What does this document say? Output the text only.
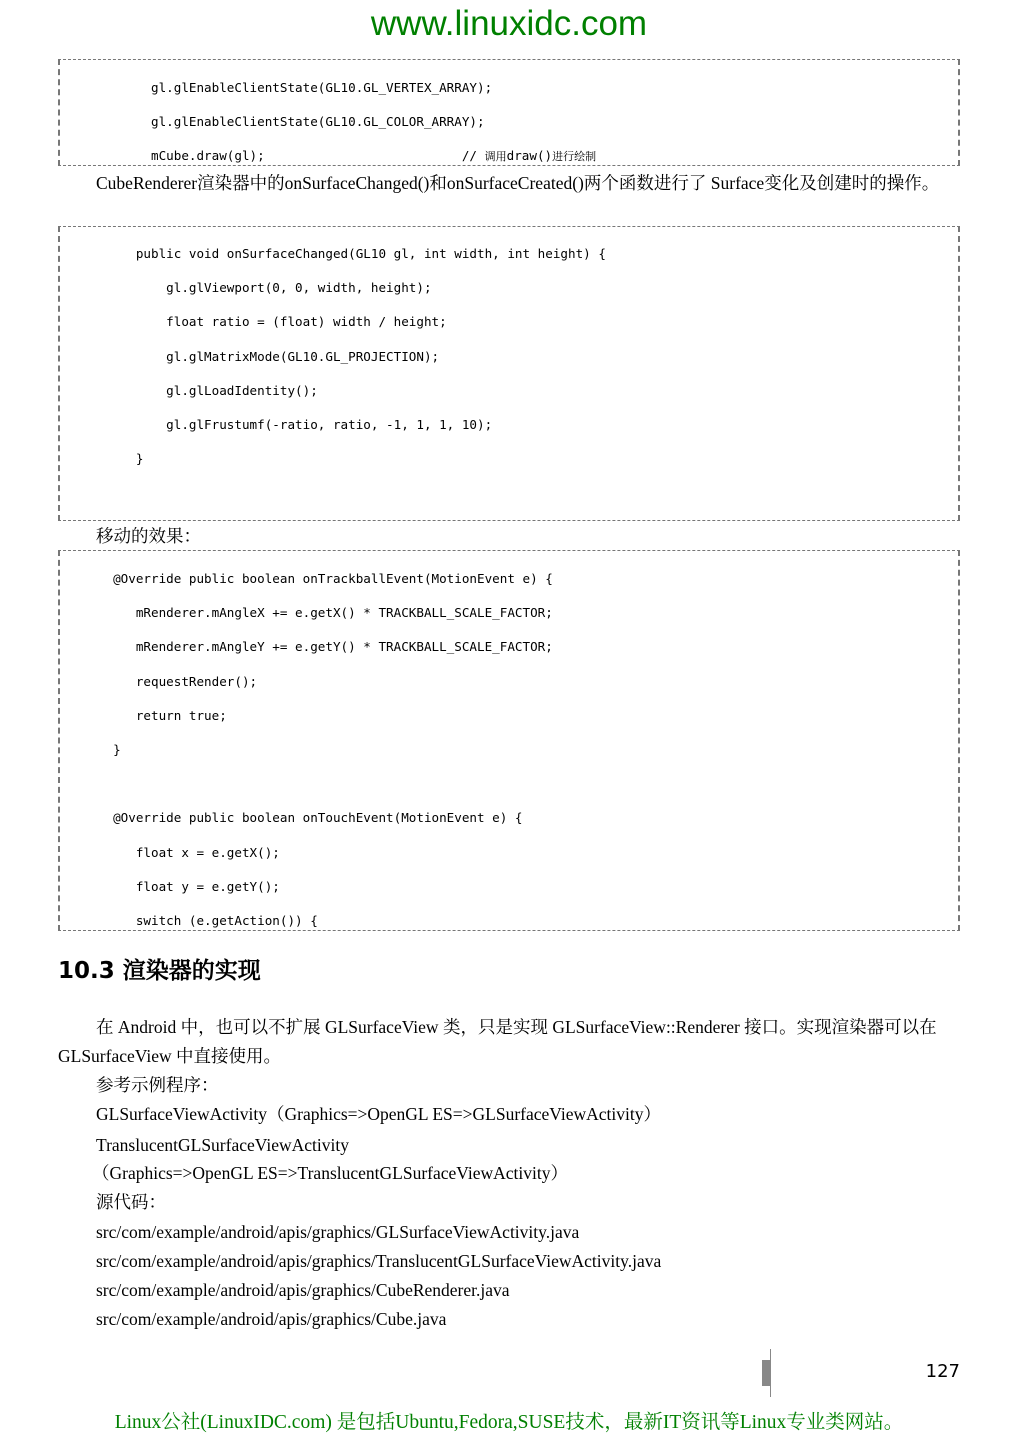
www.linuxidc.com

gl.glEnableClientState(GL10.GL_VERTEX_ARRAY);

gl.glEnableClientState(GL10.GL_COLOR_ARRAY);

mCube.draw(gl);                          // 调用draw()进行绘制

CubeRenderer渲染器中的onSurfaceChanged()和onSurfaceCreated()两个函数进行了 Surface变化及创建时的操作。

public void onSurfaceChanged(GL10 gl, int width, int height) {

gl.glViewport(0, 0, width, height);

float ratio = (float) width / height;

gl.glMatrixMode(GL10.GL_PROJECTION);

gl.glLoadIdentity();

gl.glFrustumf(-ratio, ratio, -1, 1, 1, 10);

}

移动的效果：

@Override public boolean onTrackballEvent(MotionEvent e) {

mRenderer.mAngleX += e.getX() * TRACKBALL_SCALE_FACTOR;

mRenderer.mAngleY += e.getY() * TRACKBALL_SCALE_FACTOR;

requestRender();

return true;

}

@Override public boolean onTouchEvent(MotionEvent e) {

float x = e.getX();

float y = e.getY();

switch (e.getAction()) {

10.3 渲染器的实现
在 Android 中，也可以不扩展 GLSurfaceView 类，只是实现 GLSurfaceView::Renderer 接口。实现渲染器可以在 GLSurfaceView 中直接使用。
参考示例程序：
GLSurfaceViewActivity（Graphics=>OpenGL ES=>GLSurfaceViewActivity）
TranslucentGLSurfaceViewActivity
（Graphics=>OpenGL ES=>TranslucentGLSurfaceViewActivity）
源代码：
src/com/example/android/apis/graphics/GLSurfaceViewActivity.java
src/com/example/android/apis/graphics/TranslucentGLSurfaceViewActivity.java
src/com/example/android/apis/graphics/CubeRenderer.java
src/com/example/android/apis/graphics/Cube.java
127
Linux公社(LinuxIDC.com) 是包括Ubuntu,Fedora,SUSE技术，最新IT资讯等Linux专业类网站。
